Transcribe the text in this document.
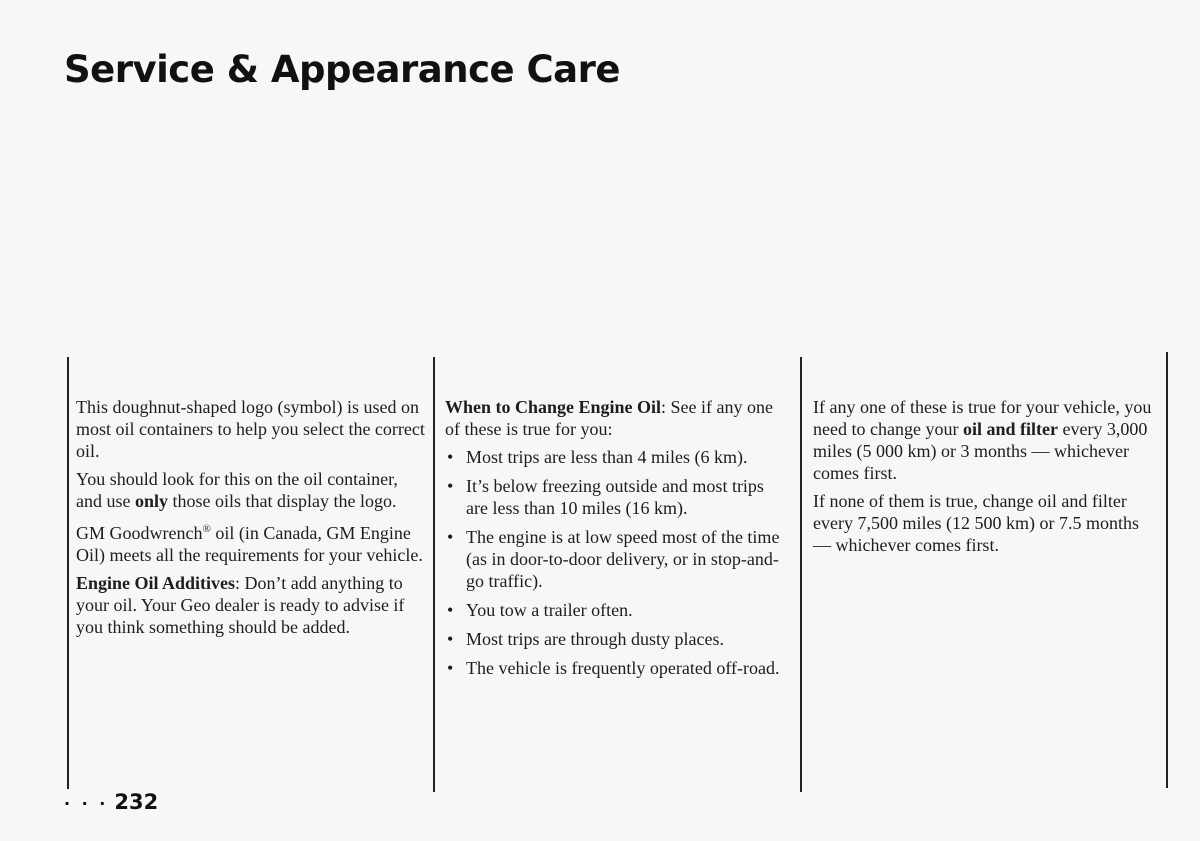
Service & Appearance Care

This doughnut-shaped logo (symbol) is used on most oil containers to help you select the correct oil.

You should look for this on the oil container, and use only those oils that display the logo.

GM Goodwrench® oil (in Canada, GM Engine Oil) meets all the requirements for your vehicle.

Engine Oil Additives: Don’t add anything to your oil. Your Geo dealer is ready to advise if you think something should be added.

When to Change Engine Oil: See if any one of these is true for you:

• Most trips are less than 4 miles (6 km).
• It’s below freezing outside and most trips are less than 10 miles (16 km).
• The engine is at low speed most of the time (as in door-to-door delivery, or in stop-and-go traffic).
• You tow a trailer often.
• Most trips are through dusty places.
• The vehicle is frequently operated off-road.

If any one of these is true for your vehicle, you need to change your oil and filter every 3,000 miles (5 000 km) or 3 months — whichever comes first.

If none of them is true, change oil and filter every 7,500 miles (12 500 km) or 7.5 months — whichever comes first.

· · · 232
